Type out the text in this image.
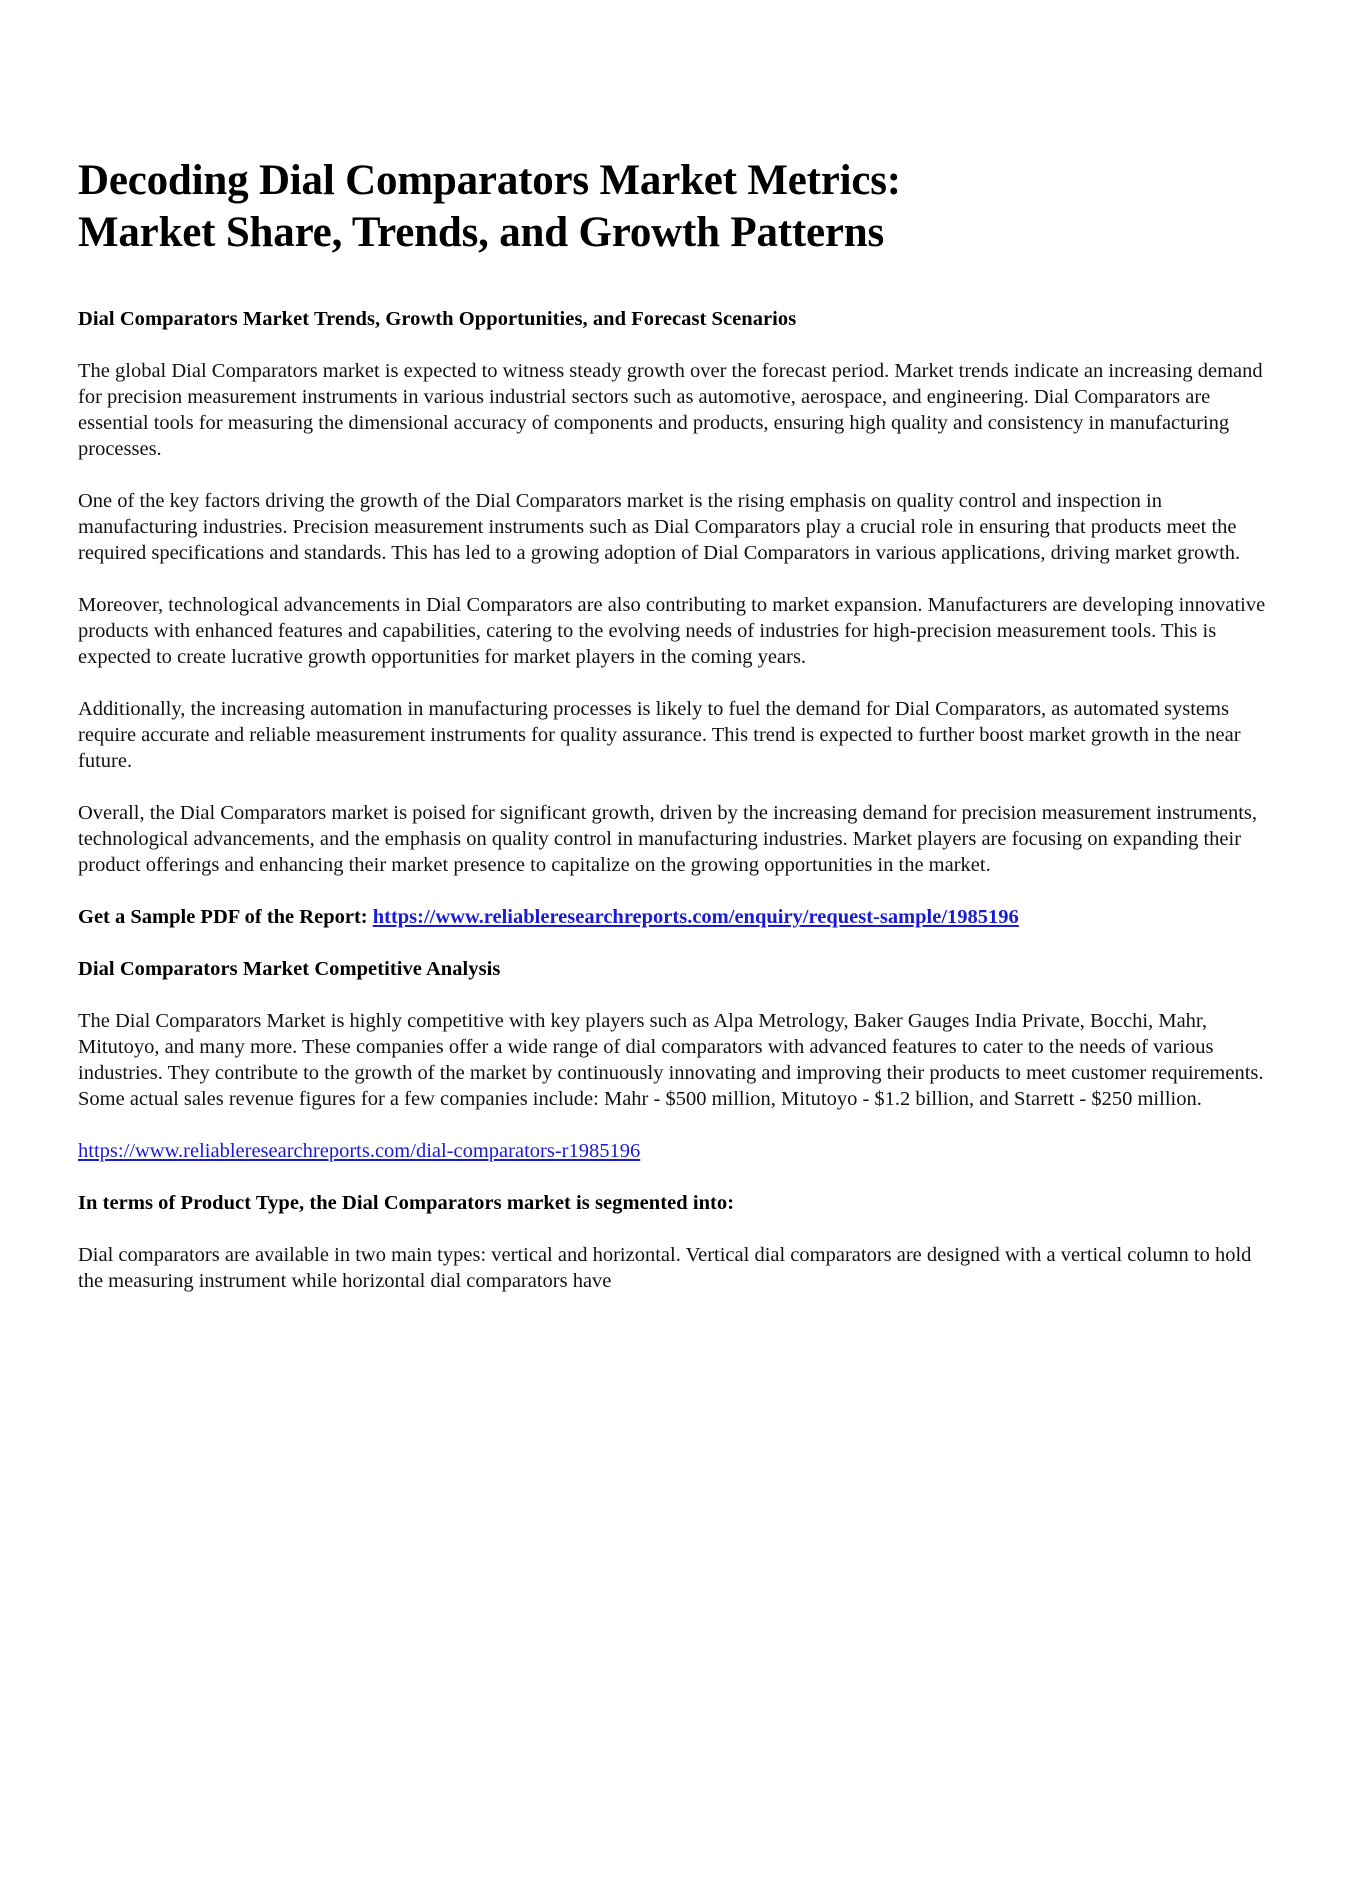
Decoding Dial Comparators Market Metrics:
Market Share, Trends, and Growth Patterns
Dial Comparators Market Trends, Growth Opportunities, and Forecast Scenarios

The global Dial Comparators market is expected to witness steady growth over the forecast period. Market trends indicate an increasing demand for precision measurement instruments in various industrial sectors such as automotive, aerospace, and engineering. Dial Comparators are essential tools for measuring the dimensional accuracy of components and products, ensuring high quality and consistency in manufacturing processes.

One of the key factors driving the growth of the Dial Comparators market is the rising emphasis on quality control and inspection in manufacturing industries. Precision measurement instruments such as Dial Comparators play a crucial role in ensuring that products meet the required specifications and standards. This has led to a growing adoption of Dial Comparators in various applications, driving market growth.

Moreover, technological advancements in Dial Comparators are also contributing to market expansion. Manufacturers are developing innovative products with enhanced features and capabilities, catering to the evolving needs of industries for high-precision measurement tools. This is expected to create lucrative growth opportunities for market players in the coming years.

Additionally, the increasing automation in manufacturing processes is likely to fuel the demand for Dial Comparators, as automated systems require accurate and reliable measurement instruments for quality assurance. This trend is expected to further boost market growth in the near future.

Overall, the Dial Comparators market is poised for significant growth, driven by the increasing demand for precision measurement instruments, technological advancements, and the emphasis on quality control in manufacturing industries. Market players are focusing on expanding their product offerings and enhancing their market presence to capitalize on the growing opportunities in the market.

Get a Sample PDF of the Report: https://www.reliableresearchreports.com/enquiry/request-sample/1985196

Dial Comparators Market Competitive Analysis

The Dial Comparators Market is highly competitive with key players such as Alpa Metrology, Baker Gauges India Private, Bocchi, Mahr, Mitutoyo, and many more. These companies offer a wide range of dial comparators with advanced features to cater to the needs of various industries. They contribute to the growth of the market by continuously innovating and improving their products to meet customer requirements. Some actual sales revenue figures for a few companies include: Mahr - $500 million, Mitutoyo - $1.2 billion, and Starrett - $250 million.

https://www.reliableresearchreports.com/dial-comparators-r1985196

In terms of Product Type, the Dial Comparators market is segmented into:

Dial comparators are available in two main types: vertical and horizontal. Vertical dial comparators are designed with a vertical column to hold the measuring instrument while horizontal dial comparators have
